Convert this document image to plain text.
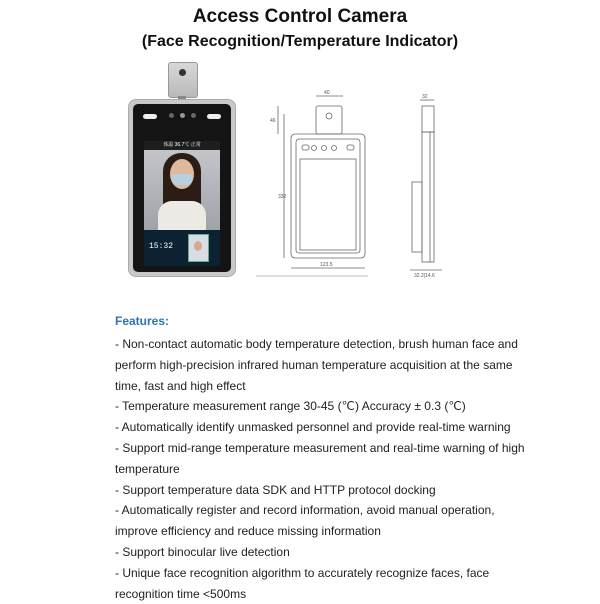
Access Control Camera
(Face Recognition/Temperature Indicator)
体温 36.7℃ 正常
15:32
40
46
332
123.5
32
32.2|14.6
Features:
- Non-contact automatic body temperature detection, brush human face and
perform high-precision infrared human temperature acquisition at the same
time, fast and high effect
- Temperature measurement range 30-45 (℃) Accuracy ± 0.3 (℃)
- Automatically identify unmasked personnel and provide real-time warning
- Support mid-range temperature measurement and real-time warning of high
temperature
- Support temperature data SDK and HTTP protocol docking
- Automatically register and record information, avoid manual operation,
improve efficiency and reduce missing information
- Support binocular live detection
- Unique face recognition algorithm to accurately recognize faces, face
recognition time <500ms
